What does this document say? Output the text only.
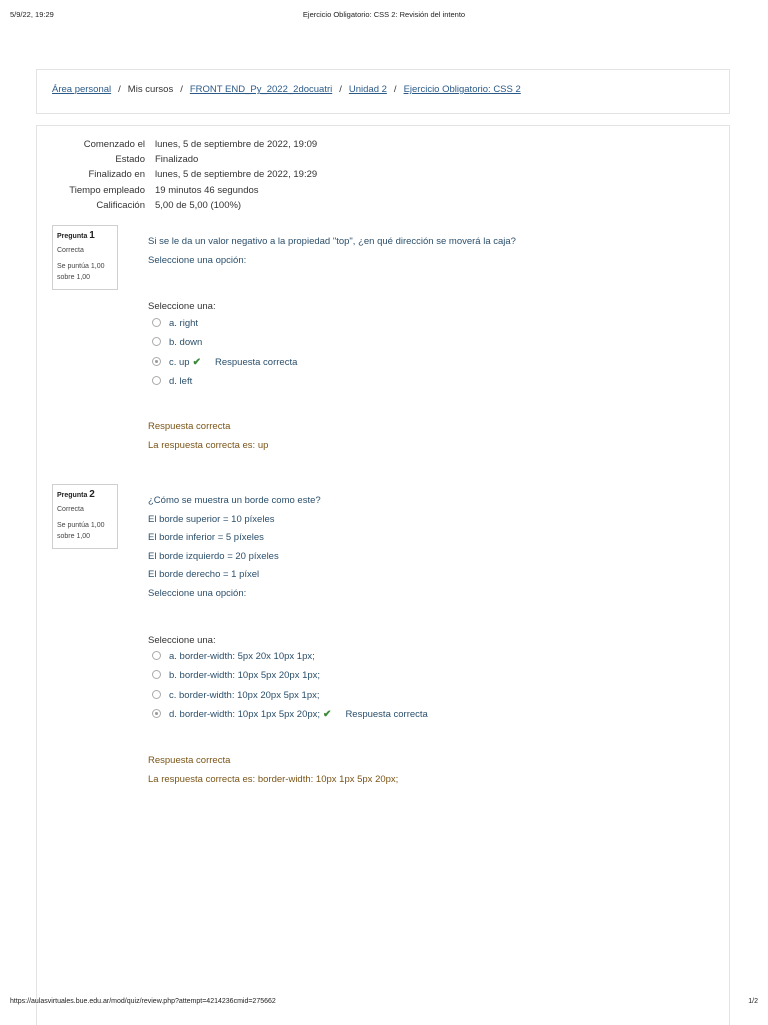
5/9/22, 19:29	Ejercicio Obligatorio: CSS 2: Revisión del intento
Área personal / Mis cursos / FRONT END_Py_2022_2docuatri / Unidad 2 / Ejercicio Obligatorio: CSS 2
Comenzado el lunes, 5 de septiembre de 2022, 19:09
Estado Finalizado
Finalizado en lunes, 5 de septiembre de 2022, 19:29
Tiempo empleado 19 minutos 46 segundos
Calificación 5,00 de 5,00 (100%)
Pregunta 1
Correcta
Se puntúa 1,00
sobre 1,00

Si se le da un valor negativo a la propiedad "top", ¿en qué dirección se moverá la caja?

Seleccione una opción:

Seleccione una:
a. right
b. down
c. up ✔ Respuesta correcta
d. left

Respuesta correcta

La respuesta correcta es: up

Pregunta 2
Correcta
Se puntúa 1,00
sobre 1,00

¿Cómo se muestra un borde como este?

El borde superior = 10 píxeles

El borde inferior = 5 píxeles

El borde izquierdo = 20 píxeles

El borde derecho = 1 píxel

Seleccione una opción:

Seleccione una:
a. border-width: 5px 20x 10px 1px;
b. border-width: 10px 5px 20px 1px;
c. border-width: 10px 20px 5px 1px;
d. border-width: 10px 1px 5px 20px; ✔ Respuesta correcta

Respuesta correcta

La respuesta correcta es: border-width: 10px 1px 5px 20px;

https://aulasvirtuales.bue.edu.ar/mod/quiz/review.php?attempt=4214236cmid=275662	1/2
